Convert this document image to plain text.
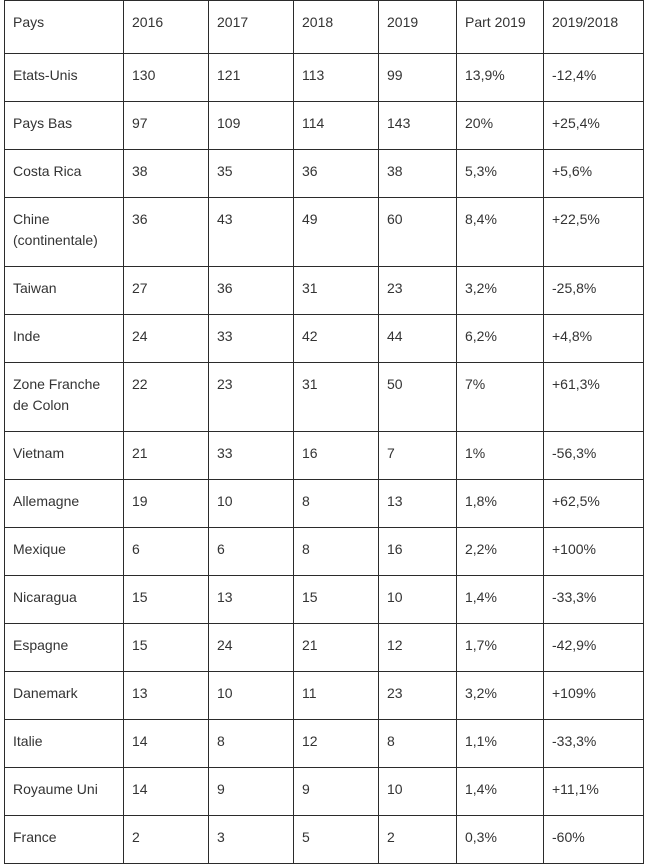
Pays	2016	2017	2018	2019	Part 2019	2019/2018
Etats-Unis	130	121	113	99	13,9%	-12,4%
Pays Bas	97	109	114	143	20%	+25,4%
Costa Rica	38	35	36	38	5,3%	+5,6%
Chine (continentale)	36	43	49	60	8,4%	+22,5%
Taiwan	27	36	31	23	3,2%	-25,8%
Inde	24	33	42	44	6,2%	+4,8%
Zone Franche de Colon	22	23	31	50	7%	+61,3%
Vietnam	21	33	16	7	1%	-56,3%
Allemagne	19	10	8	13	1,8%	+62,5%
Mexique	6	6	8	16	2,2%	+100%
Nicaragua	15	13	15	10	1,4%	-33,3%
Espagne	15	24	21	12	1,7%	-42,9%
Danemark	13	10	11	23	3,2%	+109%
Italie	14	8	12	8	1,1%	-33,3%
Royaume Uni	14	9	9	10	1,4%	+11,1%
France	2	3	5	2	0,3%	-60%
